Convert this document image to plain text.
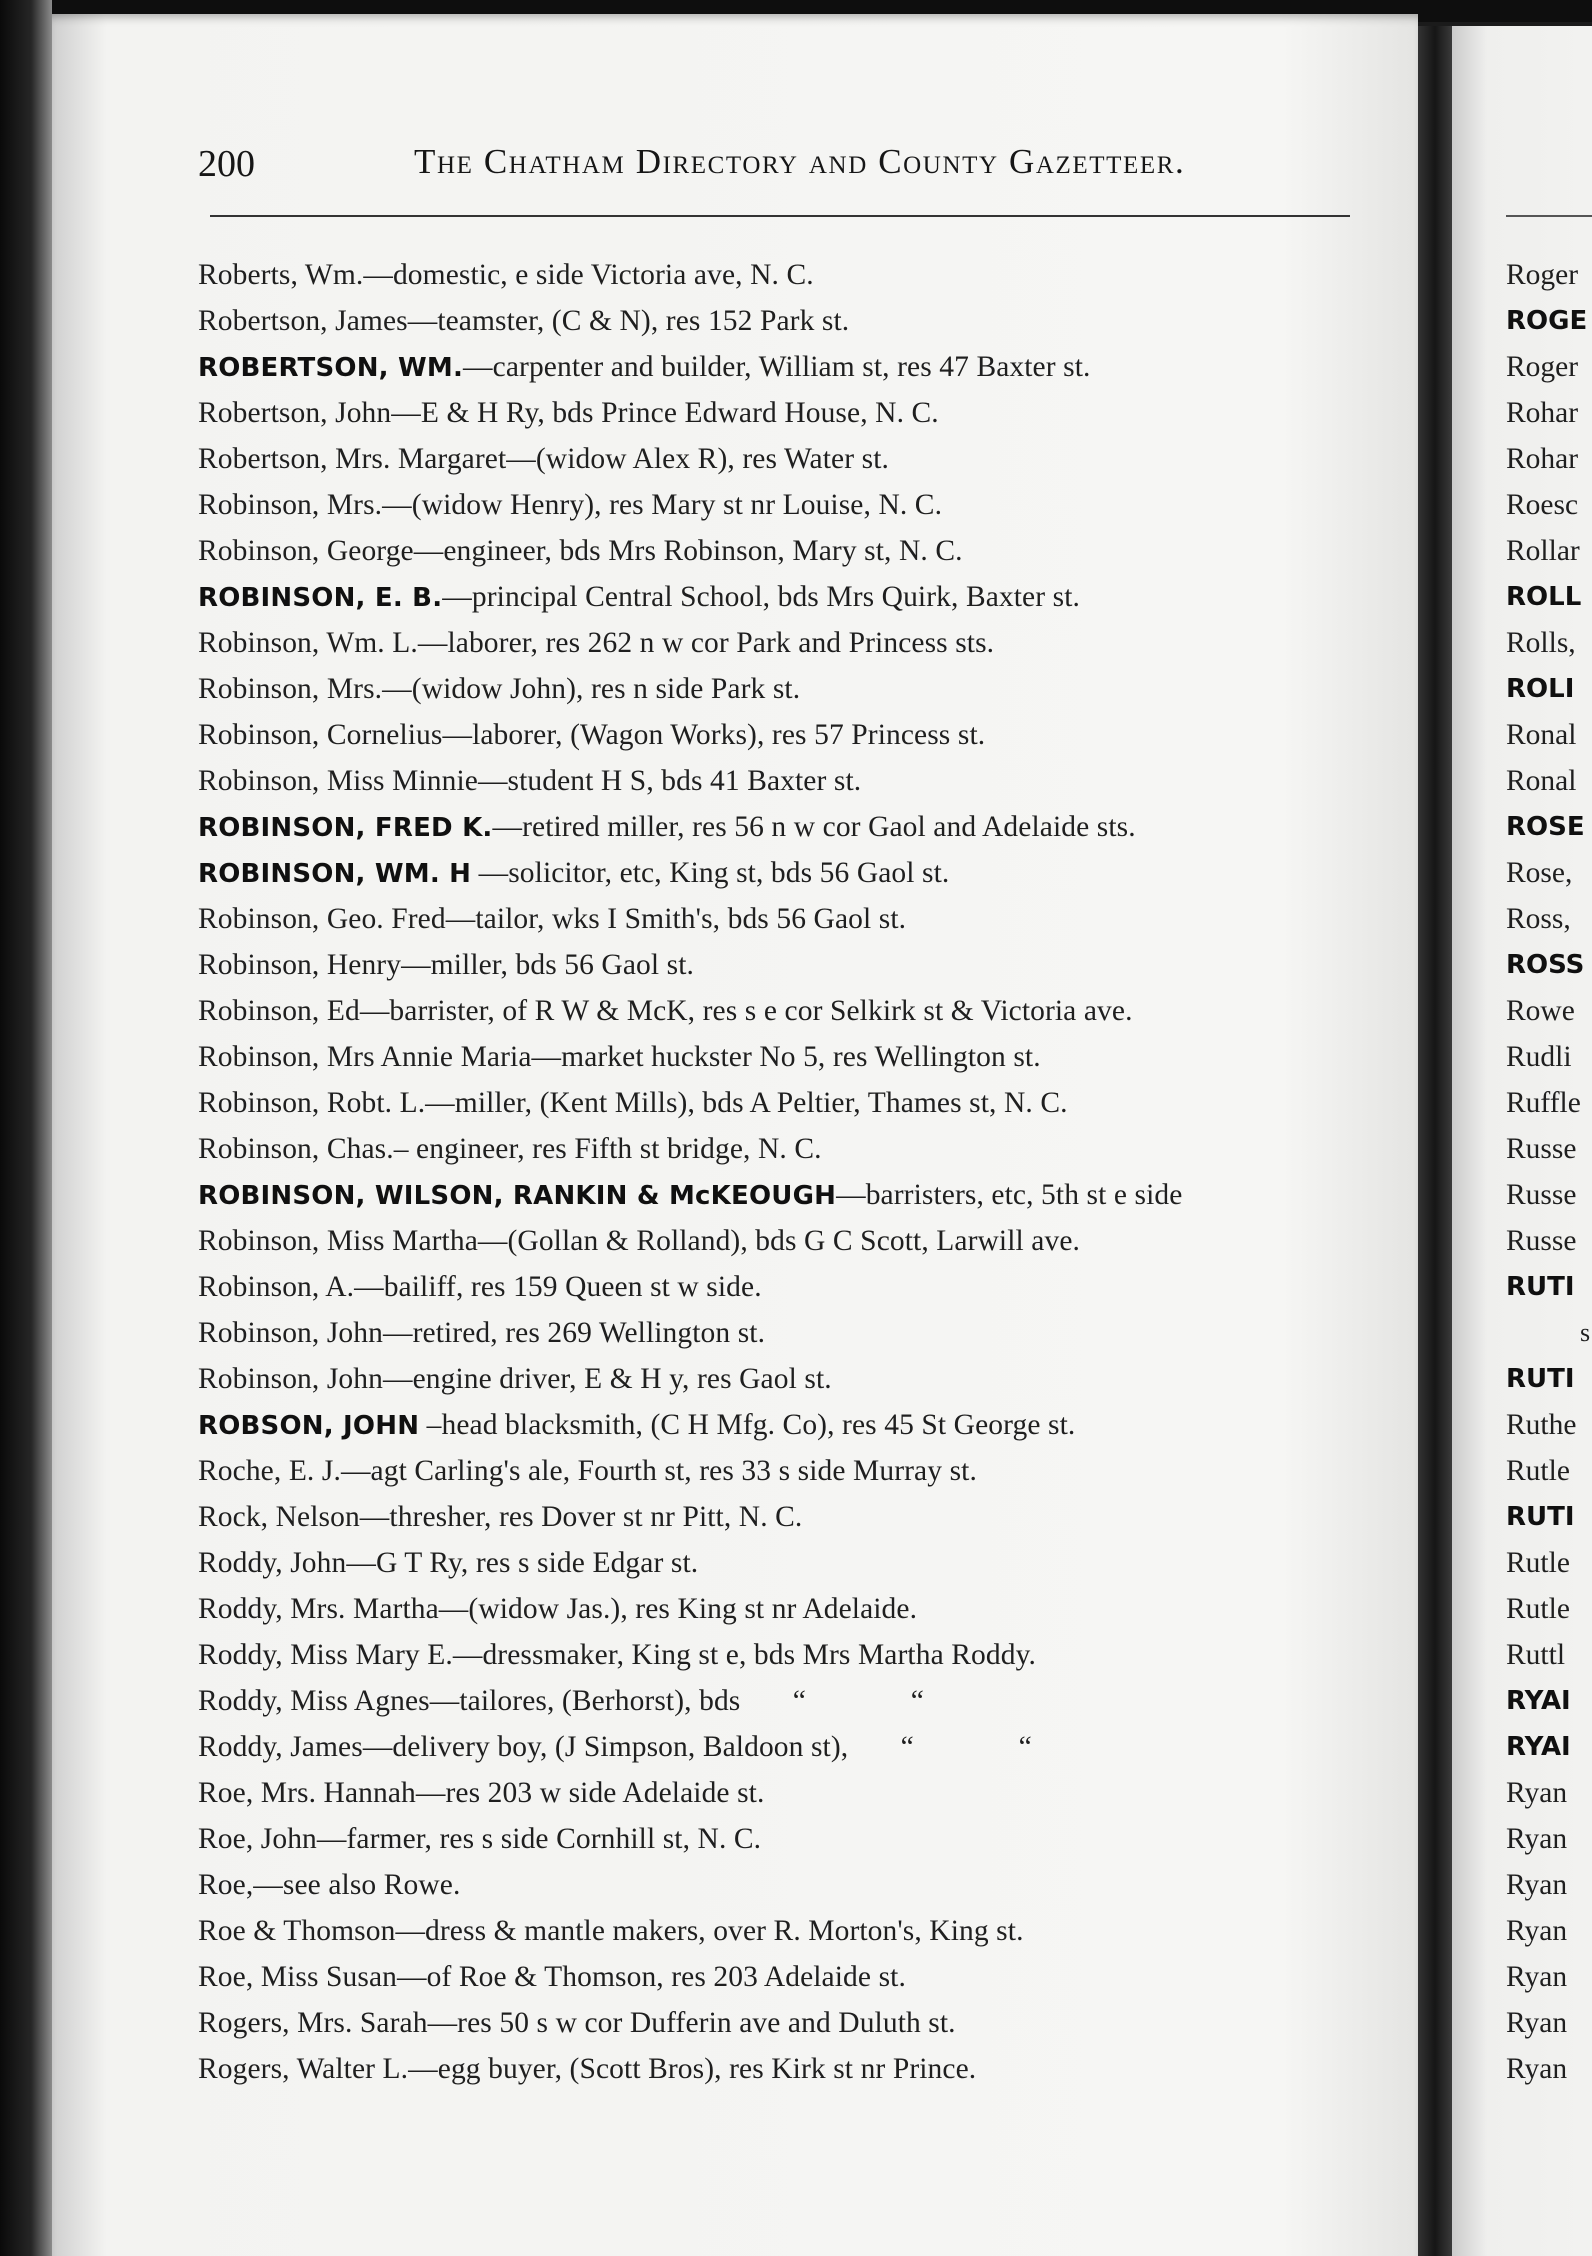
200	The Chatham Directory and County Gazetteer.
Roberts, Wm.—domestic, e side Victoria ave, N. C.
Robertson, James—teamster, (C & N), res 152 Park st.
ROBERTSON, WM.—carpenter and builder, William st, res 47 Baxter st.
Robertson, John—E & H Ry, bds Prince Edward House, N. C.
Robertson, Mrs. Margaret—(widow Alex R), res Water st.
Robinson, Mrs.—(widow Henry), res Mary st nr Louise, N. C.
Robinson, George—engineer, bds Mrs Robinson, Mary st, N. C.
ROBINSON, E. B.—principal Central School, bds Mrs Quirk, Baxter st.
Robinson, Wm. L.—laborer, res 262 n w cor Park and Princess sts.
Robinson, Mrs.—(widow John), res n side Park st.
Robinson, Cornelius—laborer, (Wagon Works), res 57 Princess st.
Robinson, Miss Minnie—student H S, bds 41 Baxter st.
ROBINSON, FRED K.—retired miller, res 56 n w cor Gaol and Adelaide sts.
ROBINSON, WM. H —solicitor, etc, King st, bds 56 Gaol st.
Robinson, Geo. Fred—tailor, wks I Smith's, bds 56 Gaol st.
Robinson, Henry—miller, bds 56 Gaol st.
Robinson, Ed—barrister, of R W & McK, res s e cor Selkirk st & Victoria ave.
Robinson, Mrs Annie Maria—market huckster No 5, res Wellington st.
Robinson, Robt. L.—miller, (Kent Mills), bds A Peltier, Thames st, N. C.
Robinson, Chas.– engineer, res Fifth st bridge, N. C.
ROBINSON, WILSON, RANKIN & McKEOUGH—barristers, etc, 5th st e side
Robinson, Miss Martha—(Gollan & Rolland), bds G C Scott, Larwill ave.
Robinson, A.—bailiff, res 159 Queen st w side.
Robinson, John—retired, res 269 Wellington st.
Robinson, John—engine driver, E & H y, res Gaol st.
ROBSON, JOHN –head blacksmith, (C H Mfg. Co), res 45 St George st.
Roche, E. J.—agt Carling's ale, Fourth st, res 33 s side Murray st.
Rock, Nelson—thresher, res Dover st nr Pitt, N. C.
Roddy, John—G T Ry, res s side Edgar st.
Roddy, Mrs. Martha—(widow Jas.), res King st nr Adelaide.
Roddy, Miss Mary E.—dressmaker, King st e, bds Mrs Martha Roddy.
Roddy, Miss Agnes—tailores, (Berhorst), bds “	“
Roddy, James—delivery boy, (J Simpson, Baldoon st), “	“
Roe, Mrs. Hannah—res 203 w side Adelaide st.
Roe, John—farmer, res s side Cornhill st, N. C.
Roe,—see also Rowe.
Roe & Thomson—dress & mantle makers, over R. Morton's, King st.
Roe, Miss Susan—of Roe & Thomson, res 203 Adelaide st.
Rogers, Mrs. Sarah—res 50 s w cor Dufferin ave and Duluth st.
Rogers, Walter L.—egg buyer, (Scott Bros), res Kirk st nr Prince.
Roger
ROGE
Roger
Rohar
Rohar
Roesc
Rollar
ROLL
Rolls,
ROLI
Ronal
Ronal
ROSE
Rose,
Ross,
ROSS
Rowe
Rudli
Ruffle
Russe
Russe
Russe
RUTI
s
RUTI
Ruthe
Rutle
RUTI
Rutle
Rutle
Ruttl
RYAI
RYAI
Ryan
Ryan
Ryan
Ryan
Ryan
Ryan
Ryan
